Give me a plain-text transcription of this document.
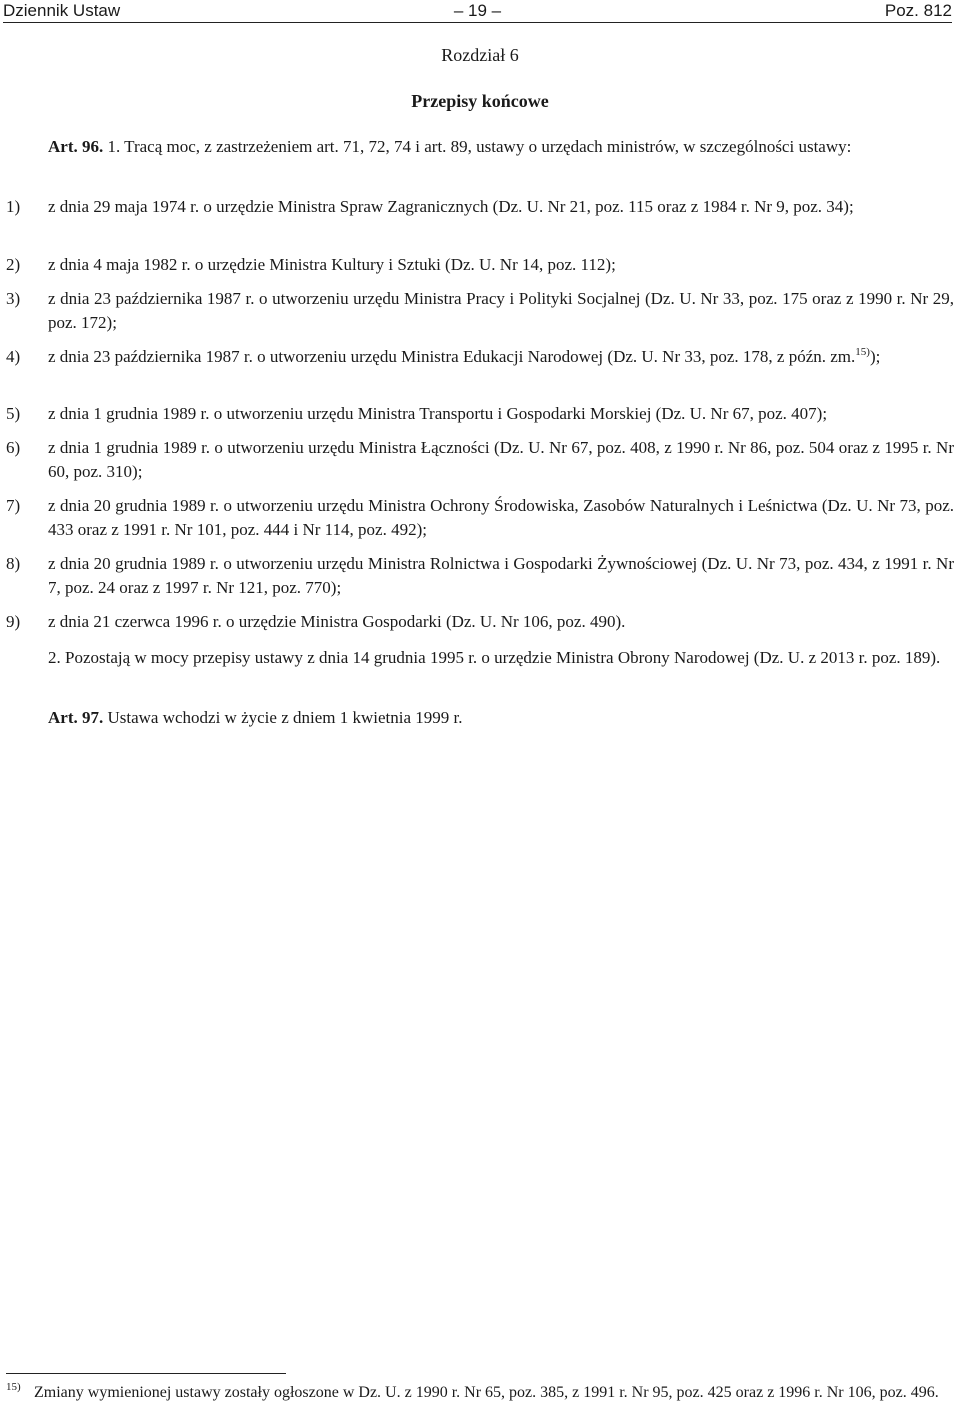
Dziennik Ustaw	– 19 –	Poz. 812
Rozdział 6
Przepisy końcowe
Art. 96. 1. Tracą moc, z zastrzeżeniem art. 71, 72, 74 i art. 89, ustawy o urzędach ministrów, w szczególności ustawy:
1) z dnia 29 maja 1974 r. o urzędzie Ministra Spraw Zagranicznych (Dz. U. Nr 21, poz. 115 oraz z 1984 r. Nr 9, poz. 34);
2) z dnia 4 maja 1982 r. o urzędzie Ministra Kultury i Sztuki (Dz. U. Nr 14, poz. 112);
3) z dnia 23 października 1987 r. o utworzeniu urzędu Ministra Pracy i Polityki Socjalnej (Dz. U. Nr 33, poz. 175 oraz z 1990 r. Nr 29, poz. 172);
4) z dnia 23 października 1987 r. o utworzeniu urzędu Ministra Edukacji Narodowej (Dz. U. Nr 33, poz. 178, z późn. zm.$^{15)}$);
5) z dnia 1 grudnia 1989 r. o utworzeniu urzędu Ministra Transportu i Gospodarki Morskiej (Dz. U. Nr 67, poz. 407);
6) z dnia 1 grudnia 1989 r. o utworzeniu urzędu Ministra Łączności (Dz. U. Nr 67, poz. 408, z 1990 r. Nr 86, poz. 504 oraz z 1995 r. Nr 60, poz. 310);
7) z dnia 20 grudnia 1989 r. o utworzeniu urzędu Ministra Ochrony Środowiska, Zasobów Naturalnych i Leśnictwa (Dz. U. Nr 73, poz. 433 oraz z 1991 r. Nr 101, poz. 444 i Nr 114, poz. 492);
8) z dnia 20 grudnia 1989 r. o utworzeniu urzędu Ministra Rolnictwa i Gospodarki Żywnościowej (Dz. U. Nr 73, poz. 434, z 1991 r. Nr 7, poz. 24 oraz z 1997 r. Nr 121, poz. 770);
9) z dnia 21 czerwca 1996 r. o urzędzie Ministra Gospodarki (Dz. U. Nr 106, poz. 490).
2. Pozostają w mocy przepisy ustawy z dnia 14 grudnia 1995 r. o urzędzie Ministra Obrony Narodowej (Dz. U. z 2013 r. poz. 189).
Art. 97. Ustawa wchodzi w życie z dniem 1 kwietnia 1999 r.
15) Zmiany wymienionej ustawy zostały ogłoszone w Dz. U. z 1990 r. Nr 65, poz. 385, z 1991 r. Nr 95, poz. 425 oraz z 1996 r. Nr 106, poz. 496.
